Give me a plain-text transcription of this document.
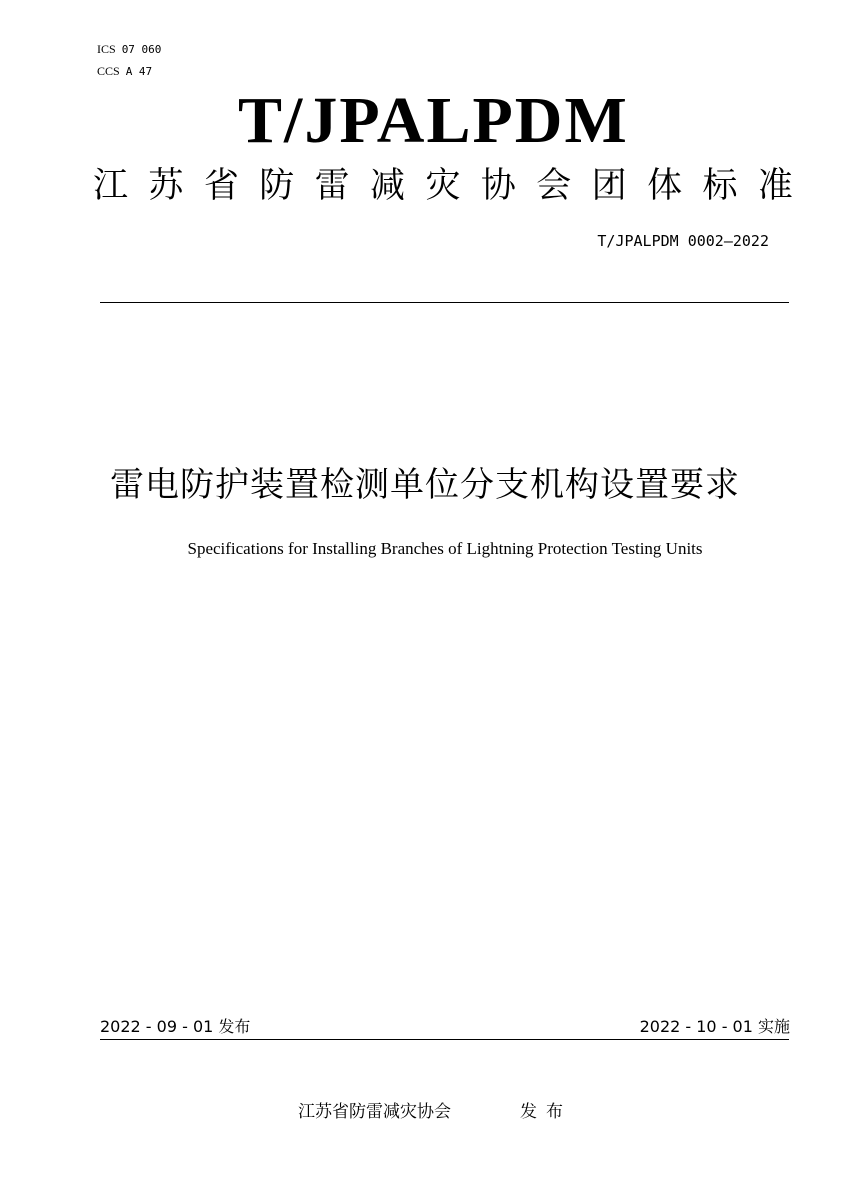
ICS 07 060
CCS A 47
T/JPALPDM
江 苏 省 防 雷 减 灾 协 会 团 体 标 准
T/JPALPDM 0002—2022
雷电防护装置检测单位分支机构设置要求
Specifications for Installing Branches of Lightning Protection Testing Units
2022 - 09 - 01 发布	2022 - 10 - 01 实施
江苏省防雷减灾协会	发布
